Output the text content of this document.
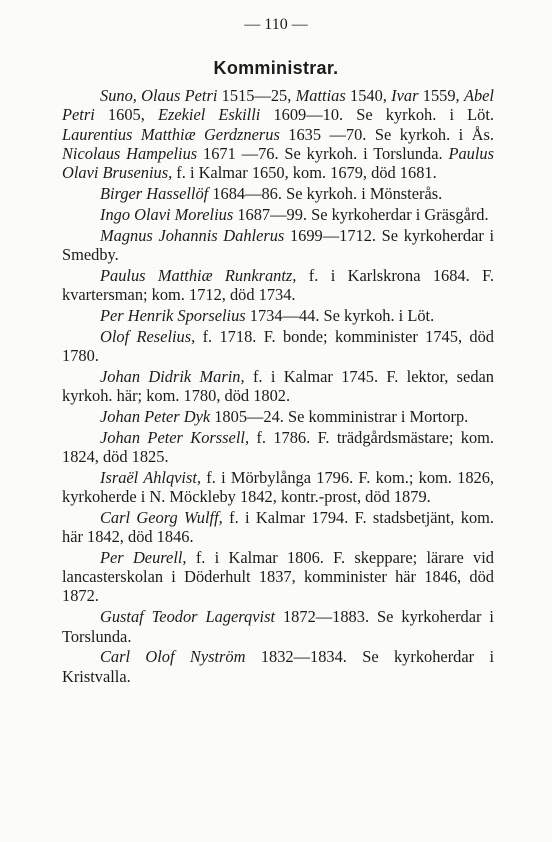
— 110 —
Komministrar.

Suno, Olaus Petri 1515—25, Mattias 1540, Ivar 1559, Abel Petri 1605, Ezekiel Eskilli 1609—10. Se kyrkoh. i Löt. Laurentius Matthiæ Gerdznerus 1635 —70. Se kyrkoh. i Ås. Nicolaus Hampelius 1671 —76. Se kyrkoh. i Torslunda. Paulus Olavi Brusenius, f. i Kalmar 1650, kom. 1679, död 1681.

Birger Hassellöf 1684—86. Se kyrkoh. i Mönsterås.

Ingo Olavi Morelius 1687—99. Se kyrkoherdar i Gräsgård.

Magnus Johannis Dahlerus 1699—1712. Se kyrkoherdar i Smedby.

Paulus Matthiæ Runkrantz, f. i Karlskrona 1684. F. kvartersman; kom. 1712, död 1734.

Per Henrik Sporselius 1734—44. Se kyrkoh. i Löt.

Olof Reselius, f. 1718. F. bonde; komminister 1745, död 1780.

Johan Didrik Marin, f. i Kalmar 1745. F. lektor, sedan kyrkoh. här; kom. 1780, död 1802.

Johan Peter Dyk 1805—24. Se komministrar i Mortorp.

Johan Peter Korssell, f. 1786. F. trädgårdsmästare; kom. 1824, död 1825.

Israël Ahlqvist, f. i Mörbylånga 1796. F. kom.; kom. 1826, kyrkoherde i N. Möckleby 1842, kontr.-prost, död 1879.

Carl Georg Wulff, f. i Kalmar 1794. F. stadsbetjänt, kom. här 1842, död 1846.

Per Deurell, f. i Kalmar 1806. F. skeppare; lärare vid lancasterskolan i Döderhult 1837, komminister här 1846, död 1872.

Gustaf Teodor Lagerqvist 1872—1883. Se kyrkoherdar i Torslunda.

Carl Olof Nyström 1832—1834. Se kyrkoherdar i Kristvalla.
